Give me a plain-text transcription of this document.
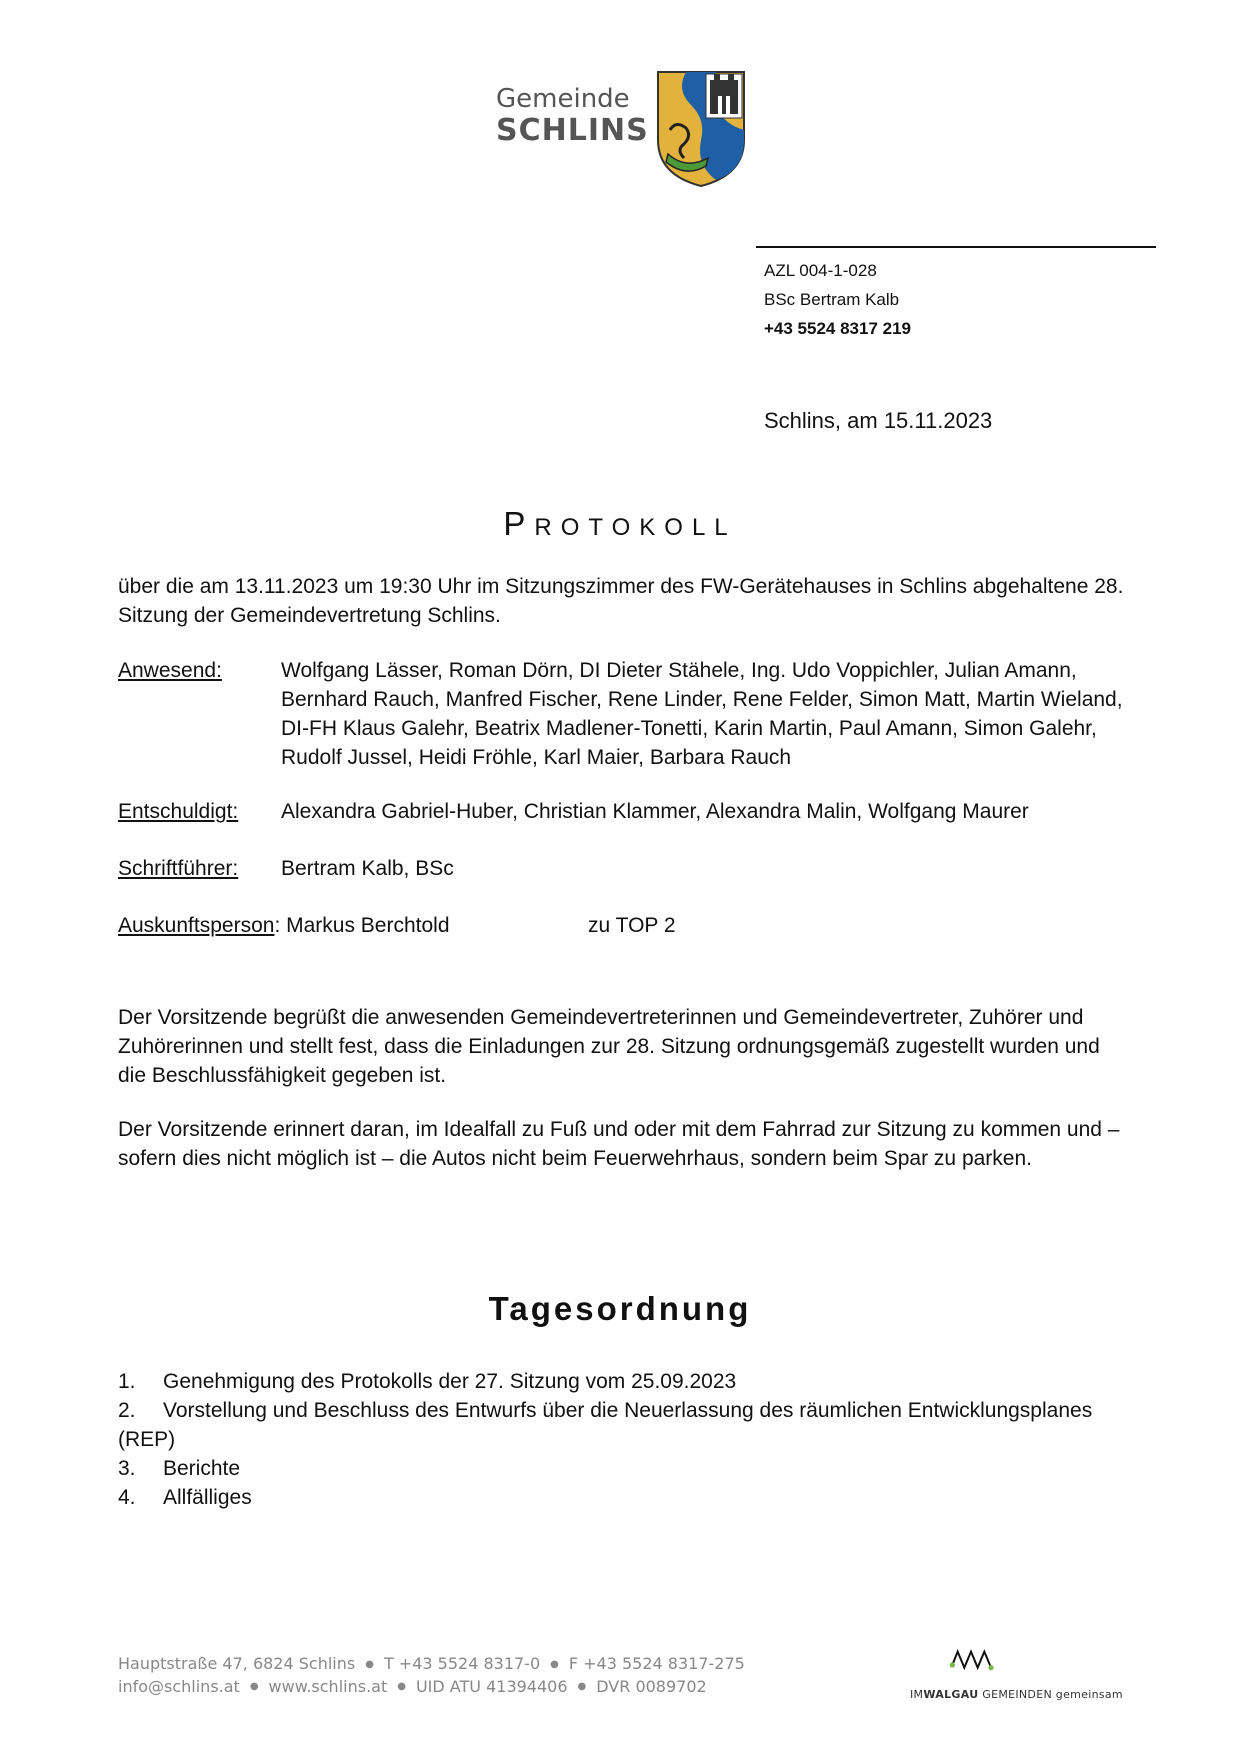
Gemeinde
SCHLINS
AZL 004-1-028
BSc Bertram Kalb
+43 5524 8317 219
Schlins, am 15.11.2023
PROTOKOLL
über die am 13.11.2023 um 19:30 Uhr im Sitzungszimmer des FW-Gerätehauses in Schlins abgehaltene 28. Sitzung der Gemeindevertretung Schlins.
Anwesend:	Wolfgang Lässer, Roman Dörn, DI Dieter Stähele, Ing. Udo Voppichler, Julian Amann, Bernhard Rauch, Manfred Fischer, Rene Linder, Rene Felder, Simon Matt, Martin Wieland, DI-FH Klaus Galehr, Beatrix Madlener-Tonetti, Karin Martin, Paul Amann, Simon Galehr, Rudolf Jussel, Heidi Fröhle, Karl Maier, Barbara Rauch
Entschuldigt: Alexandra Gabriel-Huber, Christian Klammer, Alexandra Malin, Wolfgang Maurer
Schriftführer: Bertram Kalb, BSc
Auskunftsperson: Markus Berchtold	zu TOP 2
Der Vorsitzende begrüßt die anwesenden Gemeindevertreterinnen und Gemeindevertreter, Zuhörer und Zuhörerinnen und stellt fest, dass die Einladungen zur 28. Sitzung ordnungsgemäß zugestellt wurden und die Beschlussfähigkeit gegeben ist.
Der Vorsitzende erinnert daran, im Idealfall zu Fuß und oder mit dem Fahrrad zur Sitzung zu kommen und – sofern dies nicht möglich ist – die Autos nicht beim Feuerwehrhaus, sondern beim Spar zu parken.
Tagesordnung
1. Genehmigung des Protokolls der 27. Sitzung vom 25.09.2023
2. Vorstellung und Beschluss des Entwurfs über die Neuerlassung des räumlichen Entwicklungsplanes
(REP)
3. Berichte
4. Allfälliges
Hauptstraße 47, 6824 Schlins ● T +43 5524 8317-0 ● F +43 5524 8317-275
info@schlins.at ● www.schlins.at ● UID ATU 41394406 ● DVR 0089702	IMWALGAU GEMEINDEN gemeinsam
